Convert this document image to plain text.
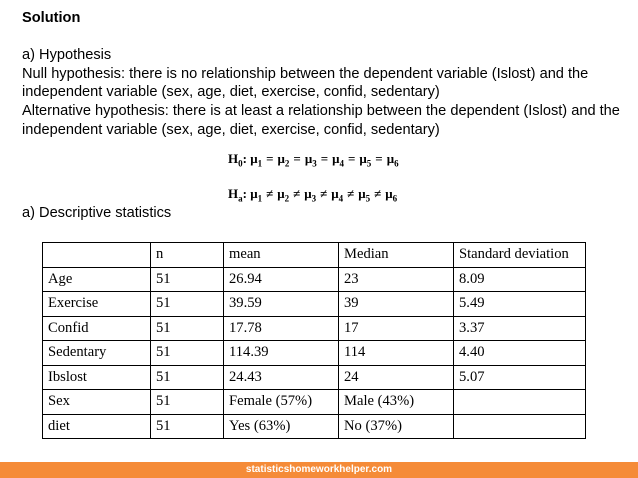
Solution

a) Hypothesis

Null hypothesis: there is no relationship between the dependent variable (Islost) and the independent variable (sex, age, diet, exercise, confid, sedentary)

Alternative hypothesis: there is at least a relationship between the dependent (Islost) and the independent variable (sex, age, diet, exercise, confid, sedentary)

$H_0$: $\mu_1 = \mu_2 = \mu_3 = \mu_4 = \mu_5 = \mu_6$
$H_a$: $\mu_1 \ne \mu_2 \ne \mu_3 \ne \mu_4 \ne \mu_5 \ne \mu_6$
a) Descriptive statistics
	n	mean	Median	Standard deviation
Age	51	26.94	23	8.09
Exercise	51	39.59	39	5.49
Confid	51	17.78	17	3.37
Sedentary	51	114.39	114	4.40
Ibslost	51	24.43	24	5.07
Sex	51	Female (57%)	Male (43%)	
diet	51	Yes (63%)	No (37%)	
statisticshomeworkhelper.com
